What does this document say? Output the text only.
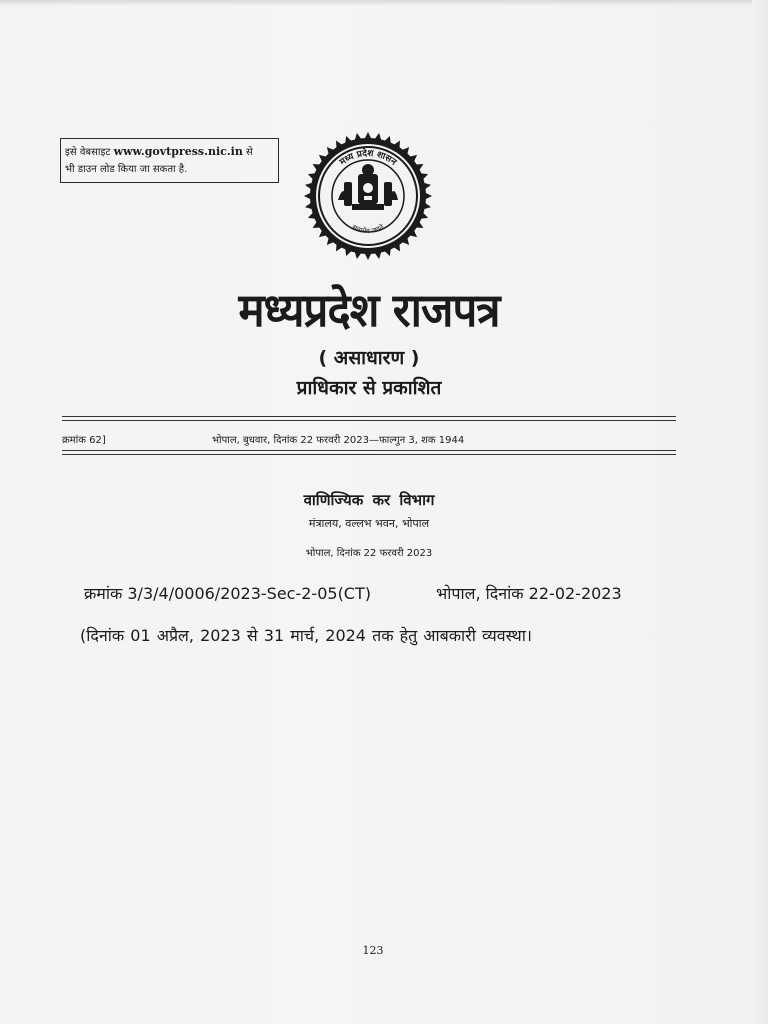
इसे वेबसाइट www.govtpress.nic.in से
भी डाउन लोड किया जा सकता है.
मध्य प्रदेश शासन
सत्यमेव जयते
मध्यप्रदेश राजपत्र
( असाधारण )
प्राधिकार से प्रकाशित
क्रमांक 62]	भोपाल, बुधवार, दिनांक 22 फरवरी 2023—फाल्गुन 3, शक 1944
वाणिज्यिक कर विभाग
मंत्रालय, वल्लभ भवन, भोपाल
भोपाल, दिनांक 22 फरवरी 2023
क्रमांक 3/3/4/0006/2023-Sec-2-05(CT)	भोपाल, दिनांक 22-02-2023
(दिनांक 01 अप्रैल, 2023 से 31 मार्च, 2024 तक हेतु आबकारी व्यवस्था।
123
